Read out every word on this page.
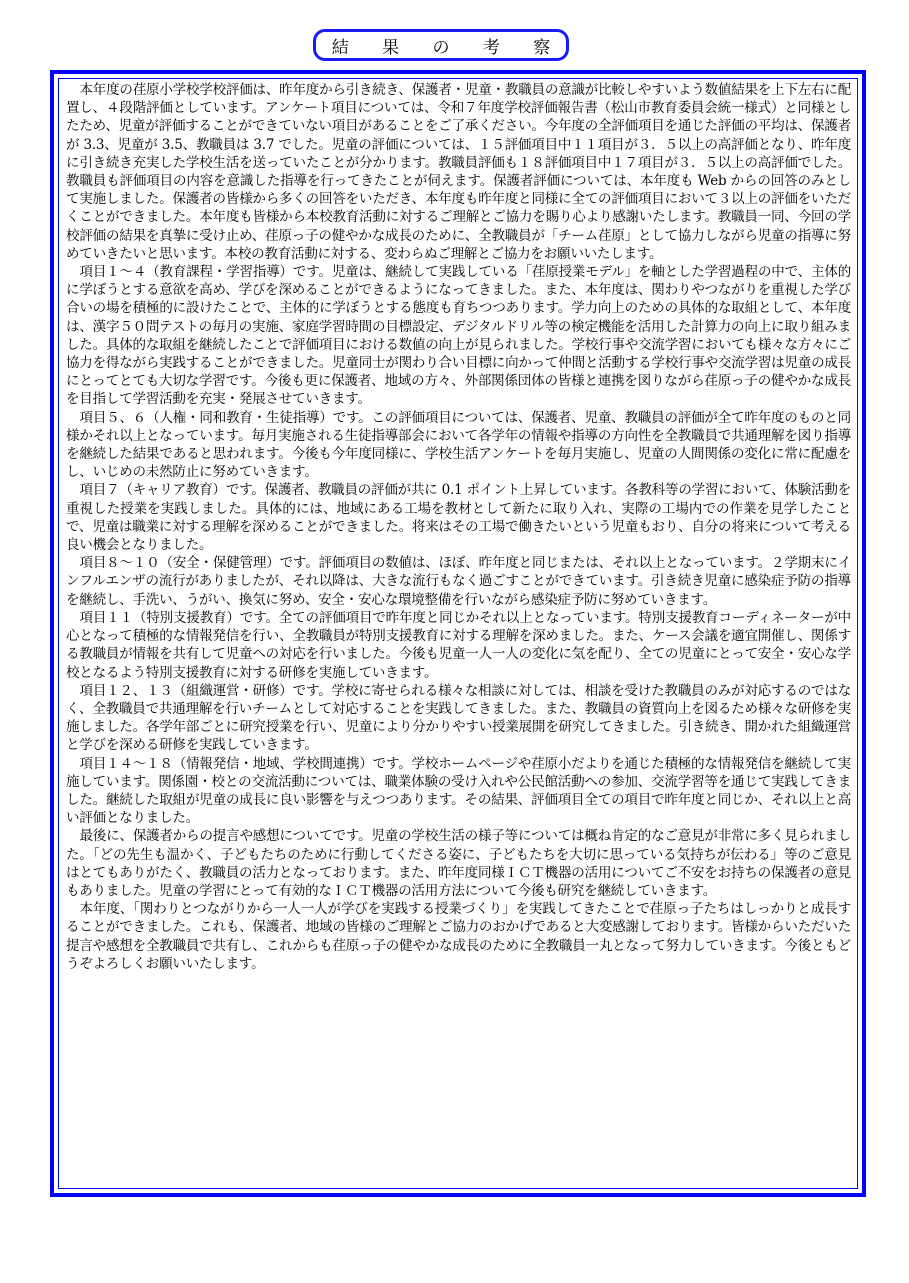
結 果 の 考 察

本年度の荏原小学校学校評価は、昨年度から引き続き、保護者・児童・教職員の意識が比較しやすいよう数値結果を上下左右に配置し、４段階評価としています。アンケート項目については、令和７年度学校評価報告書（松山市教育委員会統一様式）と同様としたため、児童が評価することができていない項目があることをご了承ください。今年度の全評価項目を通じた評価の平均は、保護者が 3.3、児童が 3.5、教職員は 3.7 でした。児童の評価については、１５評価項目中１１項目が３．５以上の高評価となり、昨年度に引き続き充実した学校生活を送っていたことが分かります。教職員評価も１８評価項目中１７項目が３．５以上の高評価でした。教職員も評価項目の内容を意識した指導を行ってきたことが伺えます。保護者評価については、本年度も Web からの回答のみとして実施しました。保護者の皆様から多くの回答をいただき、本年度も昨年度と同様に全ての評価項目において３以上の評価をいただくことができました。本年度も皆様から本校教育活動に対するご理解とご協力を賜り心より感謝いたします。教職員一同、今回の学校評価の結果を真摯に受け止め、荏原っ子の健やかな成長のために、全教職員が「チーム荏原」として協力しながら児童の指導に努めていきたいと思います。本校の教育活動に対する、変わらぬご理解とご協力をお願いいたします。

項目１～４（教育課程・学習指導）です。児童は、継続して実践している「荏原授業モデル」を軸とした学習過程の中で、主体的に学ぼうとする意欲を高め、学びを深めることができるようになってきました。また、本年度は、関わりやつながりを重視した学び合いの場を積極的に設けたことで、主体的に学ぼうとする態度も育ちつつあります。学力向上のための具体的な取組として、本年度は、漢字５０問テストの毎月の実施、家庭学習時間の目標設定、デジタルドリル等の検定機能を活用した計算力の向上に取り組みました。具体的な取組を継続したことで評価項目における数値の向上が見られました。学校行事や交流学習においても様々な方々にご協力を得ながら実践することができました。児童同士が関わり合い目標に向かって仲間と活動する学校行事や交流学習は児童の成長にとってとても大切な学習です。今後も更に保護者、地域の方々、外部関係団体の皆様と連携を図りながら荏原っ子の健やかな成長を目指して学習活動を充実・発展させていきます。

項目５、６（人権・同和教育・生徒指導）です。この評価項目については、保護者、児童、教職員の評価が全て昨年度のものと同様かそれ以上となっています。毎月実施される生徒指導部会において各学年の情報や指導の方向性を全教職員で共通理解を図り指導を継続した結果であると思われます。今後も今年度同様に、学校生活アンケートを毎月実施し、児童の人間関係の変化に常に配慮をし、いじめの未然防止に努めていきます。

項目７（キャリア教育）です。保護者、教職員の評価が共に 0.1 ポイント上昇しています。各教科等の学習において、体験活動を重視した授業を実践しました。具体的には、地域にある工場を教材として新たに取り入れ、実際の工場内での作業を見学したことで、児童は職業に対する理解を深めることができました。将来はその工場で働きたいという児童もおり、自分の将来について考える良い機会となりました。

項目８～１０（安全・保健管理）です。評価項目の数値は、ほぼ、昨年度と同じまたは、それ以上となっています。２学期末にインフルエンザの流行がありましたが、それ以降は、大きな流行もなく過ごすことができています。引き続き児童に感染症予防の指導を継続し、手洗い、うがい、換気に努め、安全・安心な環境整備を行いながら感染症予防に努めていきます。

項目１１（特別支援教育）です。全ての評価項目で昨年度と同じかそれ以上となっています。特別支援教育コーディネーターが中心となって積極的な情報発信を行い、全教職員が特別支援教育に対する理解を深めました。また、ケース会議を適宜開催し、関係する教職員が情報を共有して児童への対応を行いました。今後も児童一人一人の変化に気を配り、全ての児童にとって安全・安心な学校となるよう特別支援教育に対する研修を実施していきます。

項目１２、１３（組織運営・研修）です。学校に寄せられる様々な相談に対しては、相談を受けた教職員のみが対応するのではなく、全教職員で共通理解を行いチームとして対応することを実践してきました。また、教職員の資質向上を図るため様々な研修を実施しました。各学年部ごとに研究授業を行い、児童により分かりやすい授業展開を研究してきました。引き続き、開かれた組織運営と学びを深める研修を実践していきます。

項目１４～１８（情報発信・地域、学校間連携）です。学校ホームページや荏原小だよりを通じた積極的な情報発信を継続して実施しています。関係園・校との交流活動については、職業体験の受け入れや公民館活動への参加、交流学習等を通じて実践してきました。継続した取組が児童の成長に良い影響を与えつつあります。その結果、評価項目全ての項目で昨年度と同じか、それ以上と高い評価となりました。

最後に、保護者からの提言や感想についてです。児童の学校生活の様子等については概ね肯定的なご意見が非常に多く見られました。「どの先生も温かく、子どもたちのために行動してくださる姿に、子どもたちを大切に思っている気持ちが伝わる」等のご意見はとてもありがたく、教職員の活力となっております。また、昨年度同様ＩＣＴ機器の活用についてご不安をお持ちの保護者の意見もありました。児童の学習にとって有効的なＩＣＴ機器の活用方法について今後も研究を継続していきます。

本年度、「関わりとつながりから一人一人が学びを実践する授業づくり」を実践してきたことで荏原っ子たちはしっかりと成長することができました。これも、保護者、地域の皆様のご理解とご協力のおかげであると大変感謝しております。皆様からいただいた提言や感想を全教職員で共有し、これからも荏原っ子の健やかな成長のために全教職員一丸となって努力していきます。今後ともどうぞよろしくお願いいたします。
